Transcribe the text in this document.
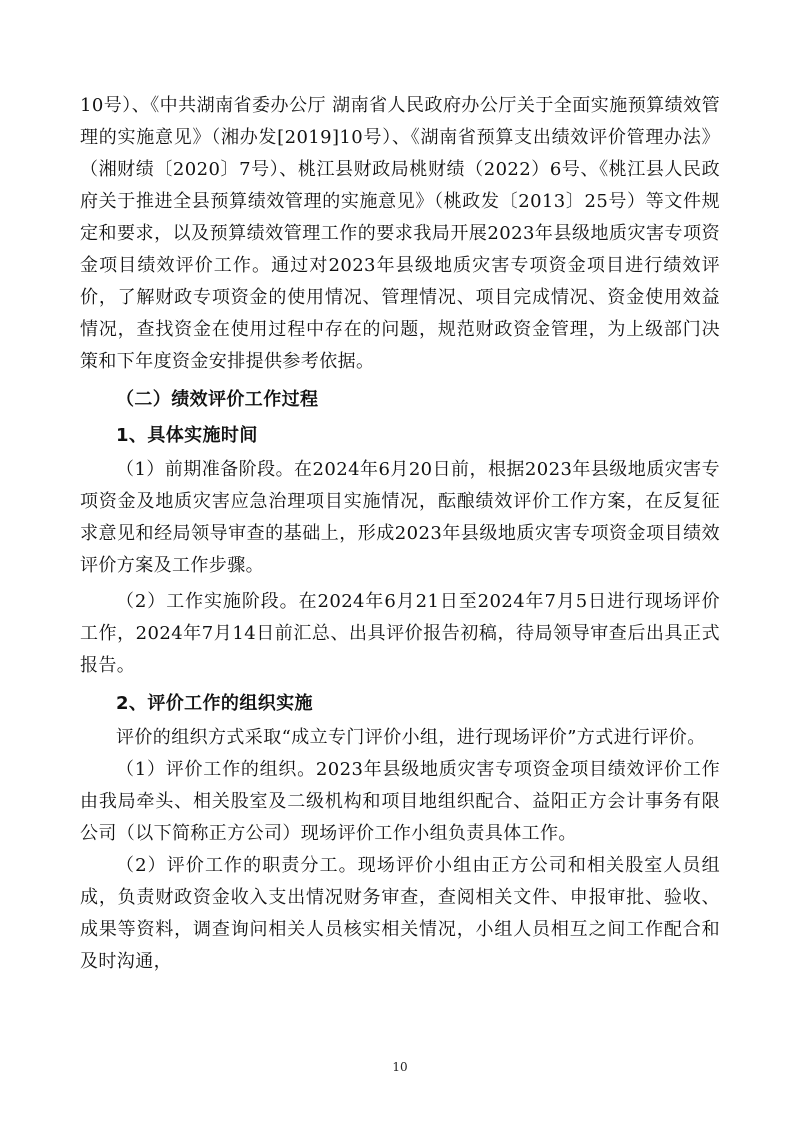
10号）、《中共湖南省委办公厅 湖南省人民政府办公厅关于全面实施预算绩效管理的实施意见》（湘办发[2019]10号）、《湖南省预算支出绩效评价管理办法》（湘财绩〔2020〕7号）、桃江县财政局桃财绩（2022）6号、《桃江县人民政府关于推进全县预算绩效管理的实施意见》（桃政发〔2013〕25号）等文件规定和要求，以及预算绩效管理工作的要求我局开展2023年县级地质灾害专项资金项目绩效评价工作。通过对2023年县级地质灾害专项资金项目进行绩效评价，了解财政专项资金的使用情况、管理情况、项目完成情况、资金使用效益情况，查找资金在使用过程中存在的问题，规范财政资金管理，为上级部门决策和下年度资金安排提供参考依据。

（二）绩效评价工作过程

1、具体实施时间

（1）前期准备阶段。在2024年6月20日前，根据2023年县级地质灾害专项资金及地质灾害应急治理项目实施情况，酝酿绩效评价工作方案，在反复征求意见和经局领导审查的基础上，形成2023年县级地质灾害专项资金项目绩效评价方案及工作步骤。

（2）工作实施阶段。在2024年6月21日至2024年7月5日进行现场评价工作，2024年7月14日前汇总、出具评价报告初稿，待局领导审查后出具正式报告。

2、评价工作的组织实施

评价的组织方式采取“成立专门评价小组，进行现场评价”方式进行评价。

（1）评价工作的组织。2023年县级地质灾害专项资金项目绩效评价工作由我局牵头、相关股室及二级机构和项目地组织配合、益阳正方会计事务有限公司（以下简称正方公司）现场评价工作小组负责具体工作。

（2）评价工作的职责分工。现场评价小组由正方公司和相关股室人员组成，负责财政资金收入支出情况财务审查，查阅相关文件、申报审批、验收、成果等资料，调查询问相关人员核实相关情况，小组人员相互之间工作配合和及时沟通，

10
